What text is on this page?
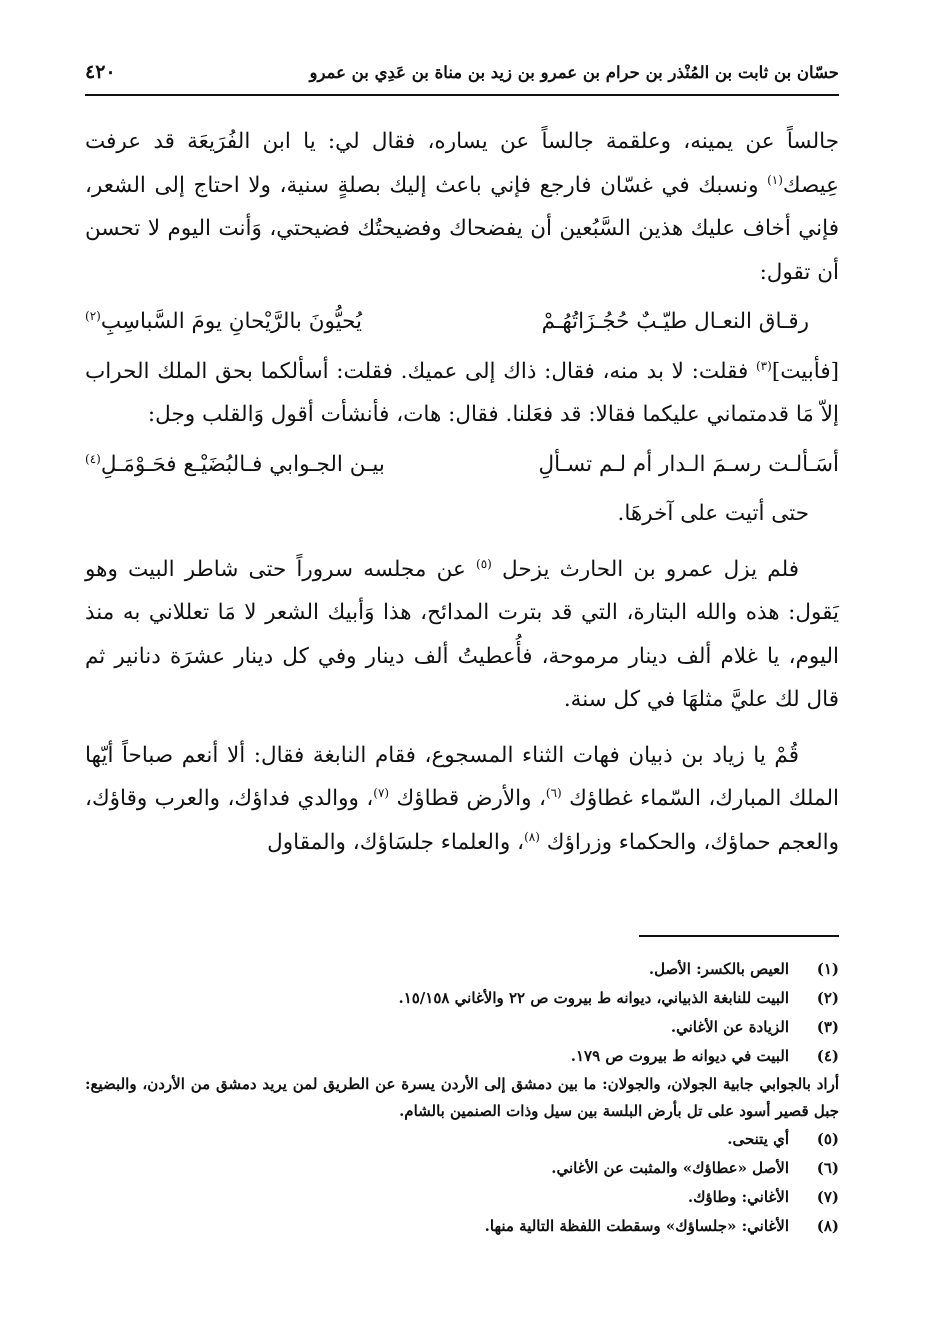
حسّان بن ثابت بن المُنْذر بن حرام بن عمرو بن زيد بن مناة بن عَدِي بن عمرو
٤٢٠

جالساً عن يمينه، وعلقمة جالساً عن يساره، فقال لي: يا ابن الفُرَيعَة قد عرفت عِيصك$^{(١)}$ ونسبك في غسّان فارجع فإني باعث إليك بصلةٍ سنية، ولا احتاج إلى الشعر، فإني أخاف عليك هذين السَّبُعين أن يفضحاك وفضيحتُك فضيحتي، وَأنت اليوم لا تحسن أن تقول:

رقـاق النعـال طيّـبٌ حُجُـزَاتُهُـمْ
يُحيُّونَ بالرَّيْحانِ يومَ السَّباسِبِ$^{(٢)}$

[فأبيت]$^{(٣)}$ فقلت: لا بد منه، فقال: ذاك إلى عميك. فقلت: أسألكما بحق الملك الحراب إلاّ مَا قدمتماني عليكما فقالا: قد فعَلنا. فقال: هات، فأنشأت أقول وَالقلب وجل:

أسَـألـت رسـمَ الـدار أم لـم تسـألِ
بيـن الجـوابي فـالبُضَيْـع فحَـوْمَـلِ$^{(٤)}$

حتى أتيت على آخرهَا.

فلم يزل عمرو بن الحارث يزحل $^{(٥)}$ عن مجلسه سروراً حتى شاطر البيت وهو يَقول: هذه والله البتارة، التي قد بترت المدائح، هذا وَأبيك الشعر لا مَا تعللاني به منذ اليوم، يا غلام ألف دينار مرموحة، فأُعطيتُ ألف دينار وفي كل دينار عشرَة دنانير ثم قال لك عليَّ مثلهَا في كل سنة.

قُمْ يا زياد بن ذبيان فهات الثناء المسجوع، فقام النابغة فقال: ألا أنعم صباحاً أيّها الملك المبارك، السّماء غطاؤك $^{(٦)}$، والأرض قطاؤك $^{(٧)}$، ووالدي فداؤك، والعرب وقاؤك، والعجم حماؤك، والحكماء وزراؤك $^{(٨)}$، والعلماء جلسَاؤك، والمقاول

(١)
العيص بالكسر: الأصل.

(٢)
البيت للنابغة الذبياني، ديوانه ط بيروت ص ٢٢ والأغاني ١٥/١٥٨.

(٣)
الزيادة عن الأغاني.

(٤)
البيت في ديوانه ط بيروت ص ١٧٩.

أراد بالجوابي جابية الجولان، والجولان: ما بين دمشق إلى الأردن يسرة عن الطريق لمن يريد دمشق من الأردن، والبضيع: جبل قصير أسود على تل بأرض البلسة بين سيل وذات الصنمين بالشام.

(٥)
أي يتنحى.

(٦)
الأصل «عطاؤك» والمثبت عن الأغاني.

(٧)
الأغاني: وطاؤك.

(٨)
الأغاني: «جلساؤك» وسقطت اللفظة التالية منها.
